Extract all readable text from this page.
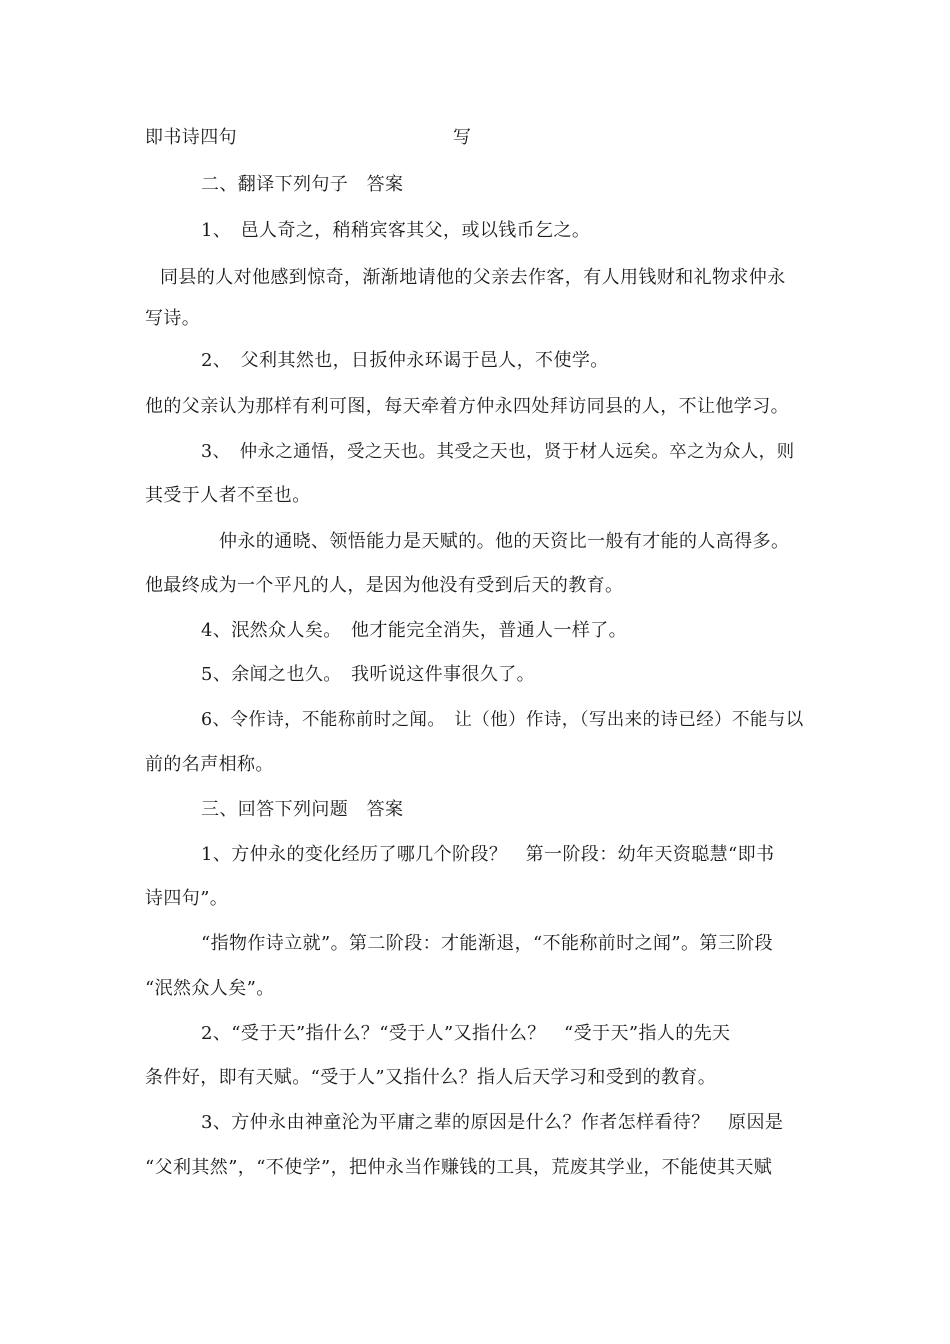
即书诗四句	写
二、翻译下列句子　答案
1、　邑人奇之，稍稍宾客其父，或以钱币乞之。
同县的人对他感到惊奇，渐渐地请他的父亲去作客，有人用钱财和礼物求仲永
写诗。
2、　父利其然也，日扳仲永环谒于邑人，不使学。
他的父亲认为那样有利可图，每天牵着方仲永四处拜访同县的人，不让他学习。
3、　仲永之通悟，受之天也。其受之天也，贤于材人远矣。卒之为众人，则
其受于人者不至也。
仲永的通晓、领悟能力是天赋的。他的天资比一般有才能的人高得多。
他最终成为一个平凡的人，是因为他没有受到后天的教育。
4、泯然众人矣。　他才能完全消失，普通人一样了。
5、余闻之也久。　我听说这件事很久了。
6、令作诗，不能称前时之闻。　让（他）作诗，（写出来的诗已经）不能与以
前的名声相称。
三、回答下列问题　答案
1、方仲永的变化经历了哪几个阶段？　第一阶段：幼年天资聪慧“即书
诗四句”。
“指物作诗立就”。第二阶段：才能渐退，“不能称前时之闻”。第三阶段
“泯然众人矣”。
2、“受于天”指什么？“受于人”又指什么？　“受于天”指人的先天
条件好，即有天赋。“受于人”又指什么？指人后天学习和受到的教育。
3、方仲永由神童沦为平庸之辈的原因是什么？作者怎样看待？　原因是
“父利其然”，“不使学”，把仲永当作赚钱的工具，荒废其学业，不能使其天赋
